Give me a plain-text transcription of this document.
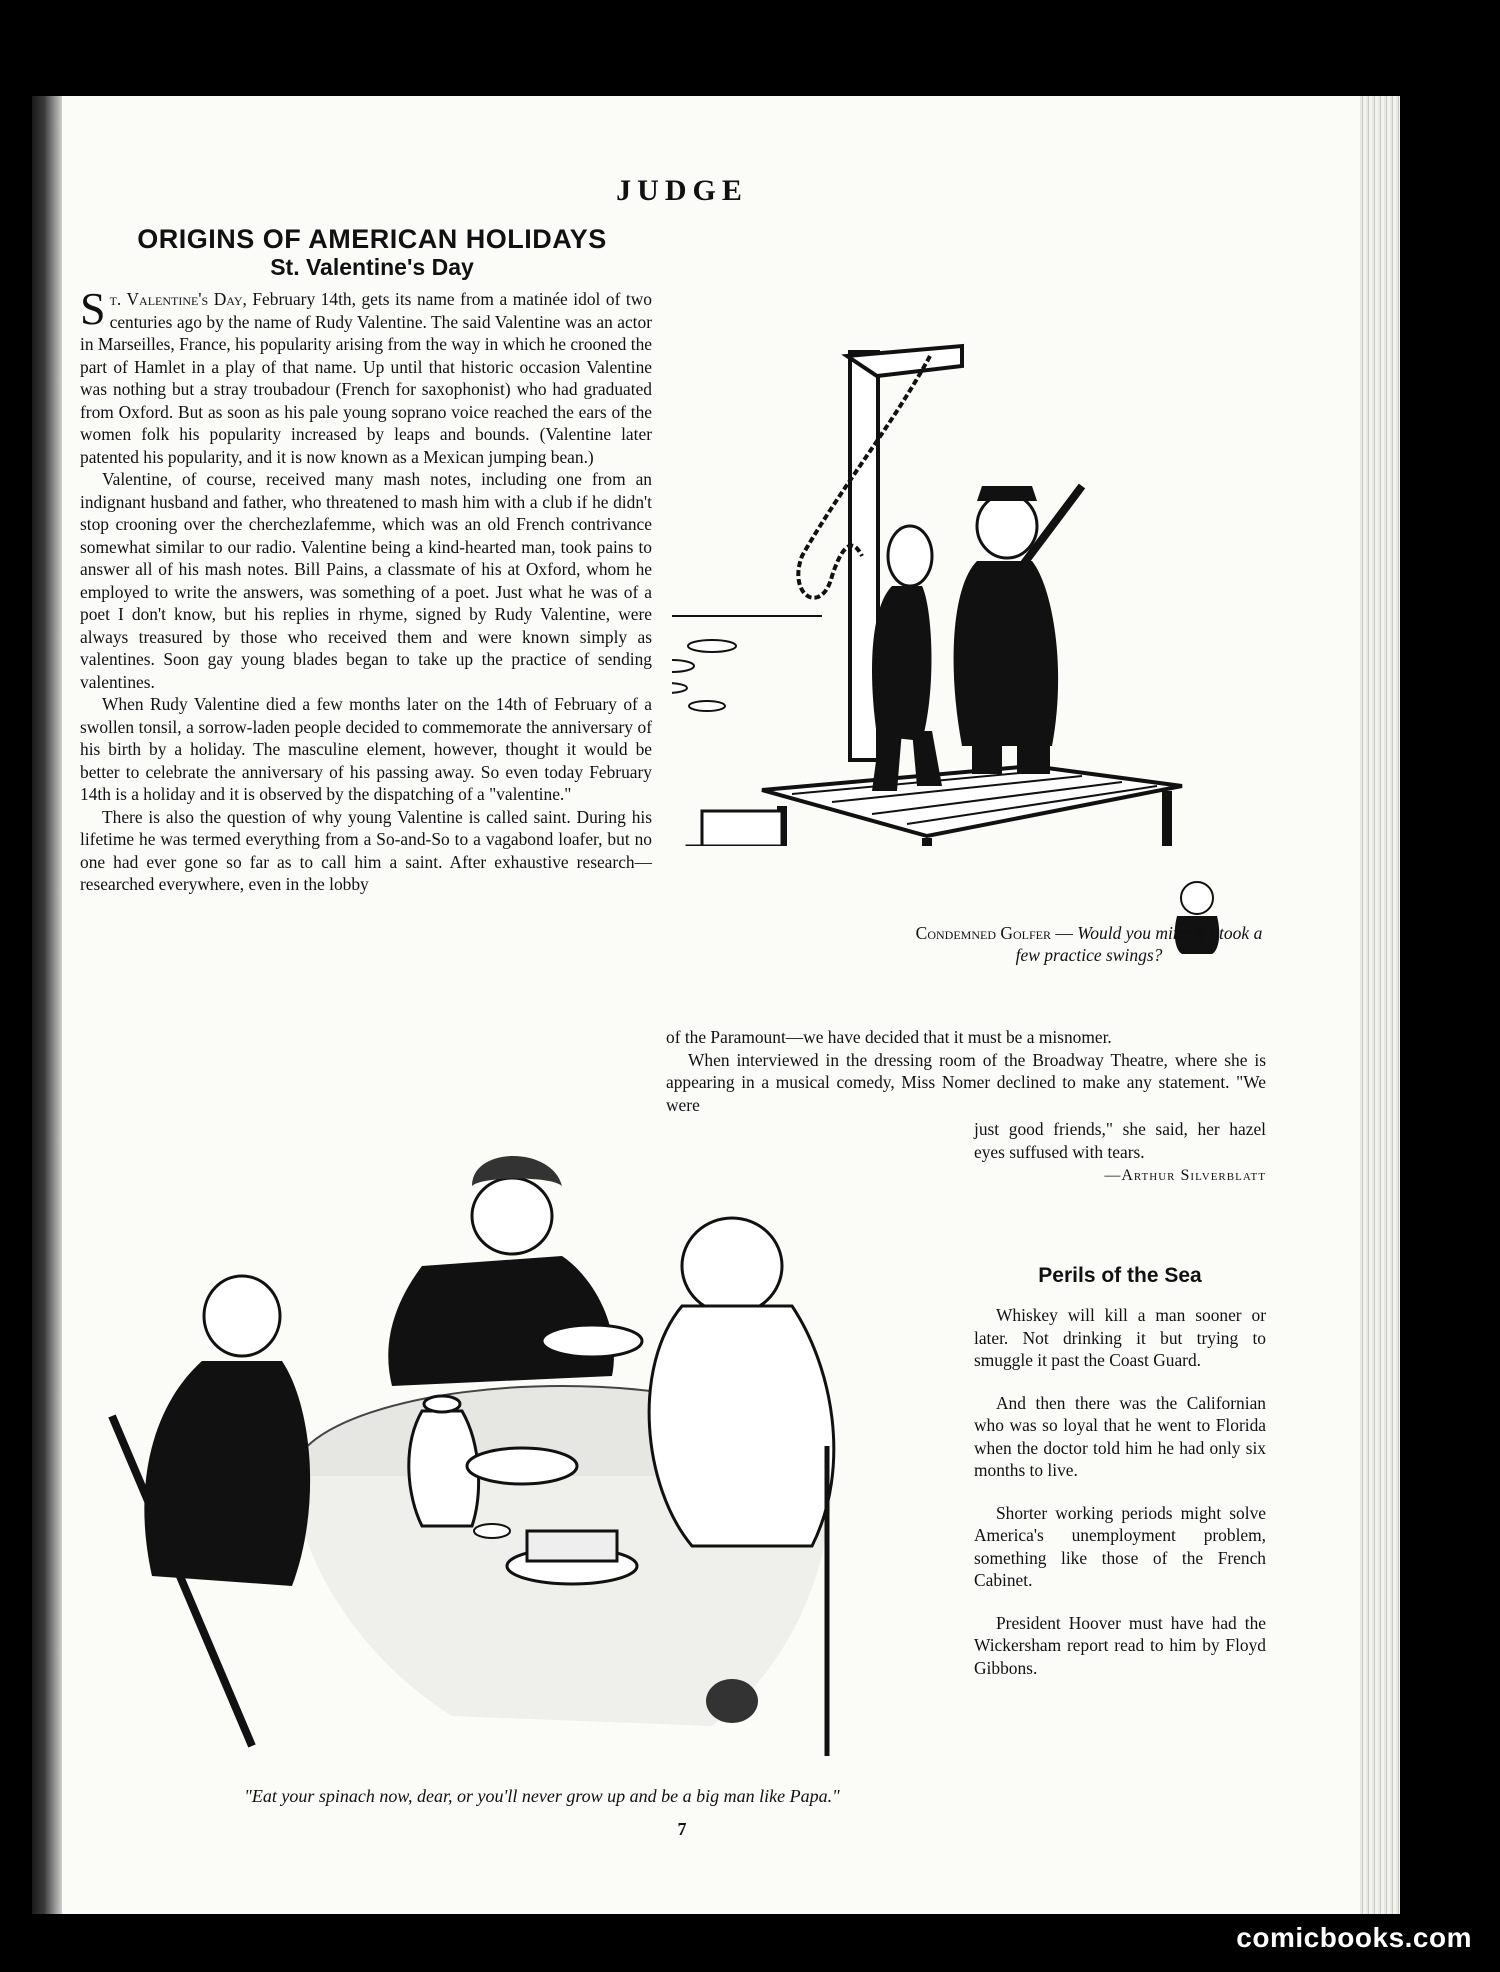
JUDGE
ORIGINS OF AMERICAN HOLIDAYS
St. Valentine's Day

St. Valentine's Day, February 14th, gets its name from a matinée idol of two centuries ago by the name of Rudy Valentine. The said Valentine was an actor in Marseilles, France, his popularity arising from the way in which he crooned the part of Hamlet in a play of that name. Up until that historic occasion Valentine was nothing but a stray troubadour (French for saxophonist) who had graduated from Oxford. But as soon as his pale young soprano voice reached the ears of the women folk his popularity increased by leaps and bounds. (Valentine later patented his popularity, and it is now known as a Mexican jumping bean.)

Valentine, of course, received many mash notes, including one from an indignant husband and father, who threatened to mash him with a club if he didn't stop crooning over the cherchezlafemme, which was an old French contrivance somewhat similar to our radio. Valentine being a kind-hearted man, took pains to answer all of his mash notes. Bill Pains, a classmate of his at Oxford, whom he employed to write the answers, was something of a poet. Just what he was of a poet I don't know, but his replies in rhyme, signed by Rudy Valentine, were always treasured by those who received them and were known simply as valentines. Soon gay young blades began to take up the practice of sending valentines.

When Rudy Valentine died a few months later on the 14th of February of a swollen tonsil, a sorrow-laden people decided to commemorate the anniversary of his birth by a holiday. The masculine element, however, thought it would be better to celebrate the anniversary of his passing away. So even today February 14th is a holiday and it is observed by the dispatching of a "valentine."

There is also the question of why young Valentine is called saint. During his lifetime he was termed everything from a So-and-So to a vagabond loafer, but no one had ever gone so far as to call him a saint. After exhaustive research—researched everywhere, even in the lobby

Condemned Golfer — Would you mind if I took a few practice swings?

of the Paramount—we have decided that it must be a misnomer.

When interviewed in the dressing room of the Broadway Theatre, where she is appearing in a musical comedy, Miss Nomer declined to make any statement. "We were

just good friends," she said, her hazel eyes suffused with tears.

—Arthur Silverblatt
Perils of the Sea

Whiskey will kill a man sooner or later. Not drinking it but trying to smuggle it past the Coast Guard.

And then there was the Californian who was so loyal that he went to Florida when the doctor told him he had only six months to live.

Shorter working periods might solve America's unemployment problem, something like those of the French Cabinet.

President Hoover must have had the Wickersham report read to him by Floyd Gibbons.

"Eat your spinach now, dear, or you'll never grow up and be a big man like Papa."
7
comicbooks.com
